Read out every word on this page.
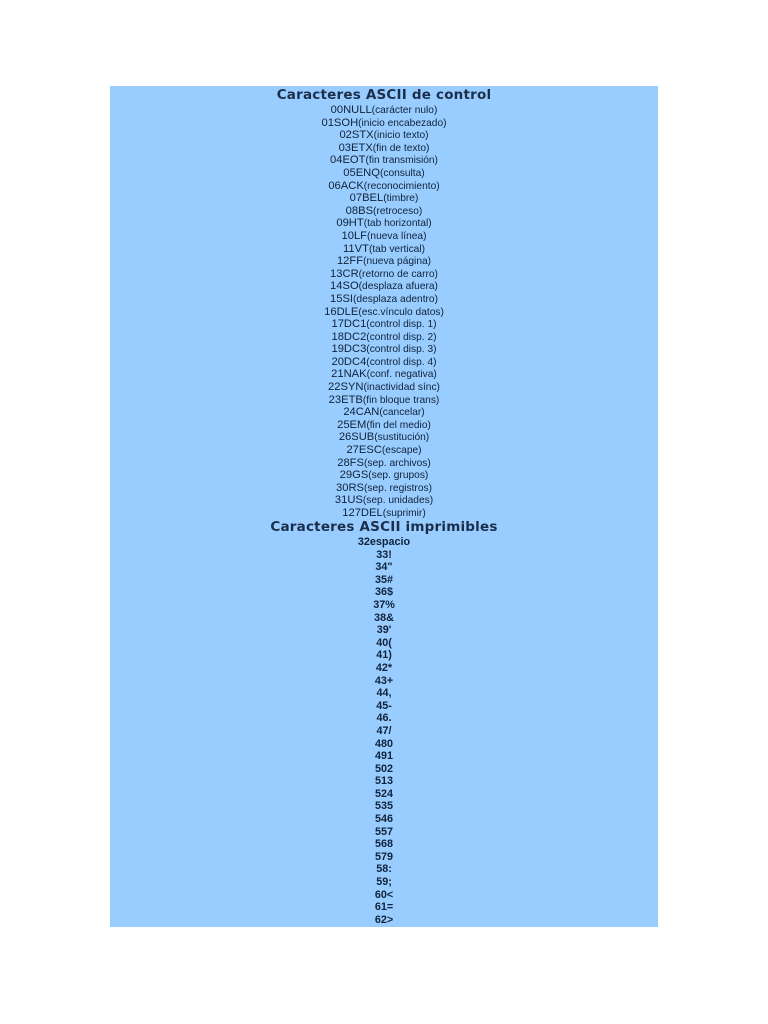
Caracteres ASCII de control
00NULL(carácter nulo)
01SOH(inicio encabezado)
02STX(inicio texto)
03ETX(fin de texto)
04EOT(fin transmisión)
05ENQ(consulta)
06ACK(reconocimiento)
07BEL(timbre)
08BS(retroceso)
09HT(tab horizontal)
10LF(nueva línea)
11VT(tab vertical)
12FF(nueva página)
13CR(retorno de carro)
14SO(desplaza afuera)
15SI(desplaza adentro)
16DLE(esc.vínculo datos)
17DC1(control disp. 1)
18DC2(control disp. 2)
19DC3(control disp. 3)
20DC4(control disp. 4)
21NAK(conf. negativa)
22SYN(inactividad sínc)
23ETB(fin bloque trans)
24CAN(cancelar)
25EM(fin del medio)
26SUB(sustitución)
27ESC(escape)
28FS(sep. archivos)
29GS(sep. grupos)
30RS(sep. registros)
31US(sep. unidades)
127DEL(suprimir)
Caracteres ASCII imprimibles
32espacio
33!
34"
35#
36$
37%
38&
39'
40(
41)
42*
43+
44,
45-
46.
47/
480
491
502
513
524
535
546
557
568
579
58:
59;
60<
61=
62>
